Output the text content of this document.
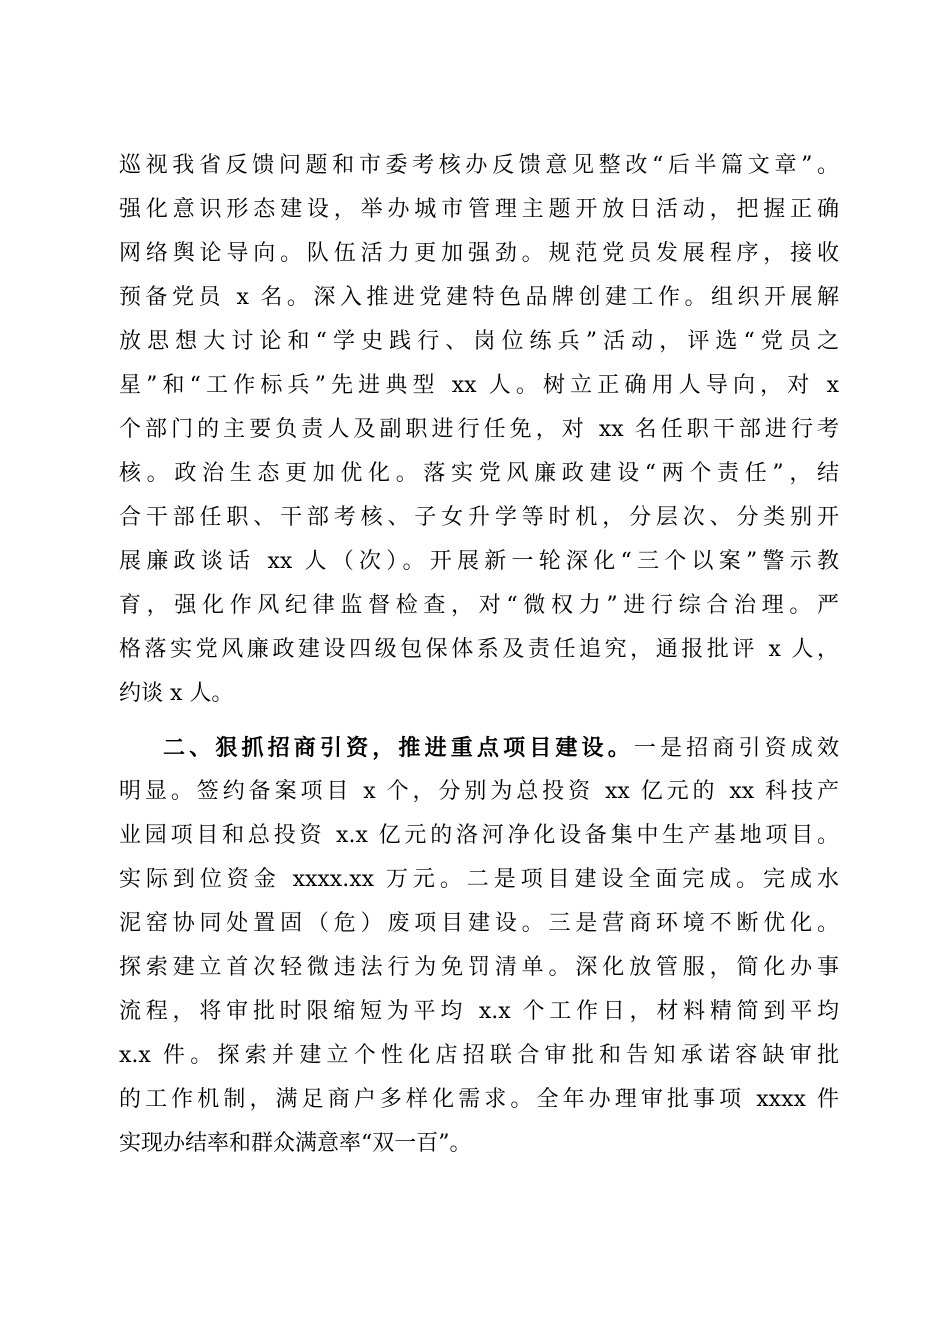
巡视我省反馈问题和市委考核办反馈意见整改“后半篇文章”。
强化意识形态建设，举办城市管理主题开放日活动，把握正确
网络舆论导向。队伍活力更加强劲。规范党员发展程序，接收
预备党员 x 名。深入推进党建特色品牌创建工作。组织开展解
放思想大讨论和“学史践行、岗位练兵”活动，评选“党员之
星”和“工作标兵”先进典型 xx 人。树立正确用人导向，对 x
个部门的主要负责人及副职进行任免，对 xx 名任职干部进行考
核。政治生态更加优化。落实党风廉政建设“两个责任”，结
合干部任职、干部考核、子女升学等时机，分层次、分类别开
展廉政谈话 xx 人（次）。开展新一轮深化“三个以案”警示教
育，强化作风纪律监督检查，对“微权力”进行综合治理。严
格落实党风廉政建设四级包保体系及责任追究，通报批评 x 人，
约谈 x 人。
二、狠抓招商引资，推进重点项目建设。一是招商引资成效
明显。签约备案项目 x 个，分别为总投资 xx 亿元的 xx 科技产
业园项目和总投资 x.x 亿元的洛河净化设备集中生产基地项目。
实际到位资金 xxxx.xx 万元。二是项目建设全面完成。完成水
泥窑协同处置固（危）废项目建设。三是营商环境不断优化。
探索建立首次轻微违法行为免罚清单。深化放管服，简化办事
流程，将审批时限缩短为平均 x.x 个工作日，材料精简到平均
x.x 件。探索并建立个性化店招联合审批和告知承诺容缺审批
的工作机制，满足商户多样化需求。全年办理审批事项 xxxx 件
实现办结率和群众满意率“双一百”。
